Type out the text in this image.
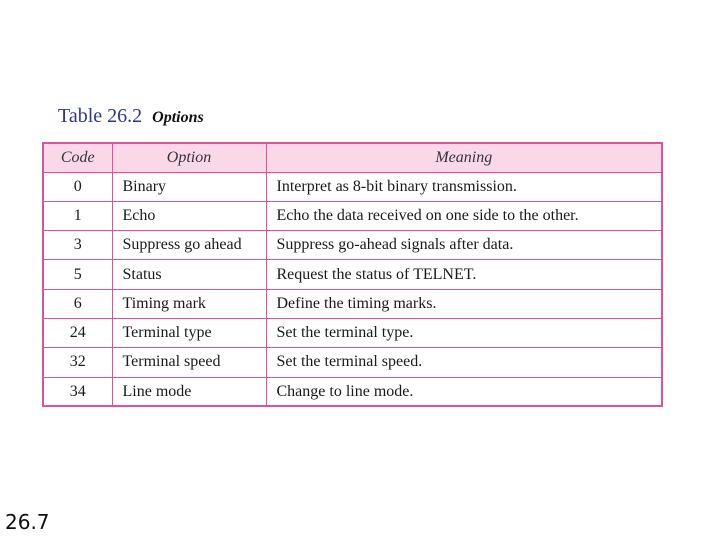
Table 26.2 Options
Code	Option	Meaning
0	Binary	Interpret as 8-bit binary transmission.
1	Echo	Echo the data received on one side to the other.
3	Suppress go ahead	Suppress go-ahead signals after data.
5	Status	Request the status of TELNET.
6	Timing mark	Define the timing marks.
24	Terminal type	Set the terminal type.
32	Terminal speed	Set the terminal speed.
34	Line mode	Change to line mode.
26.7
